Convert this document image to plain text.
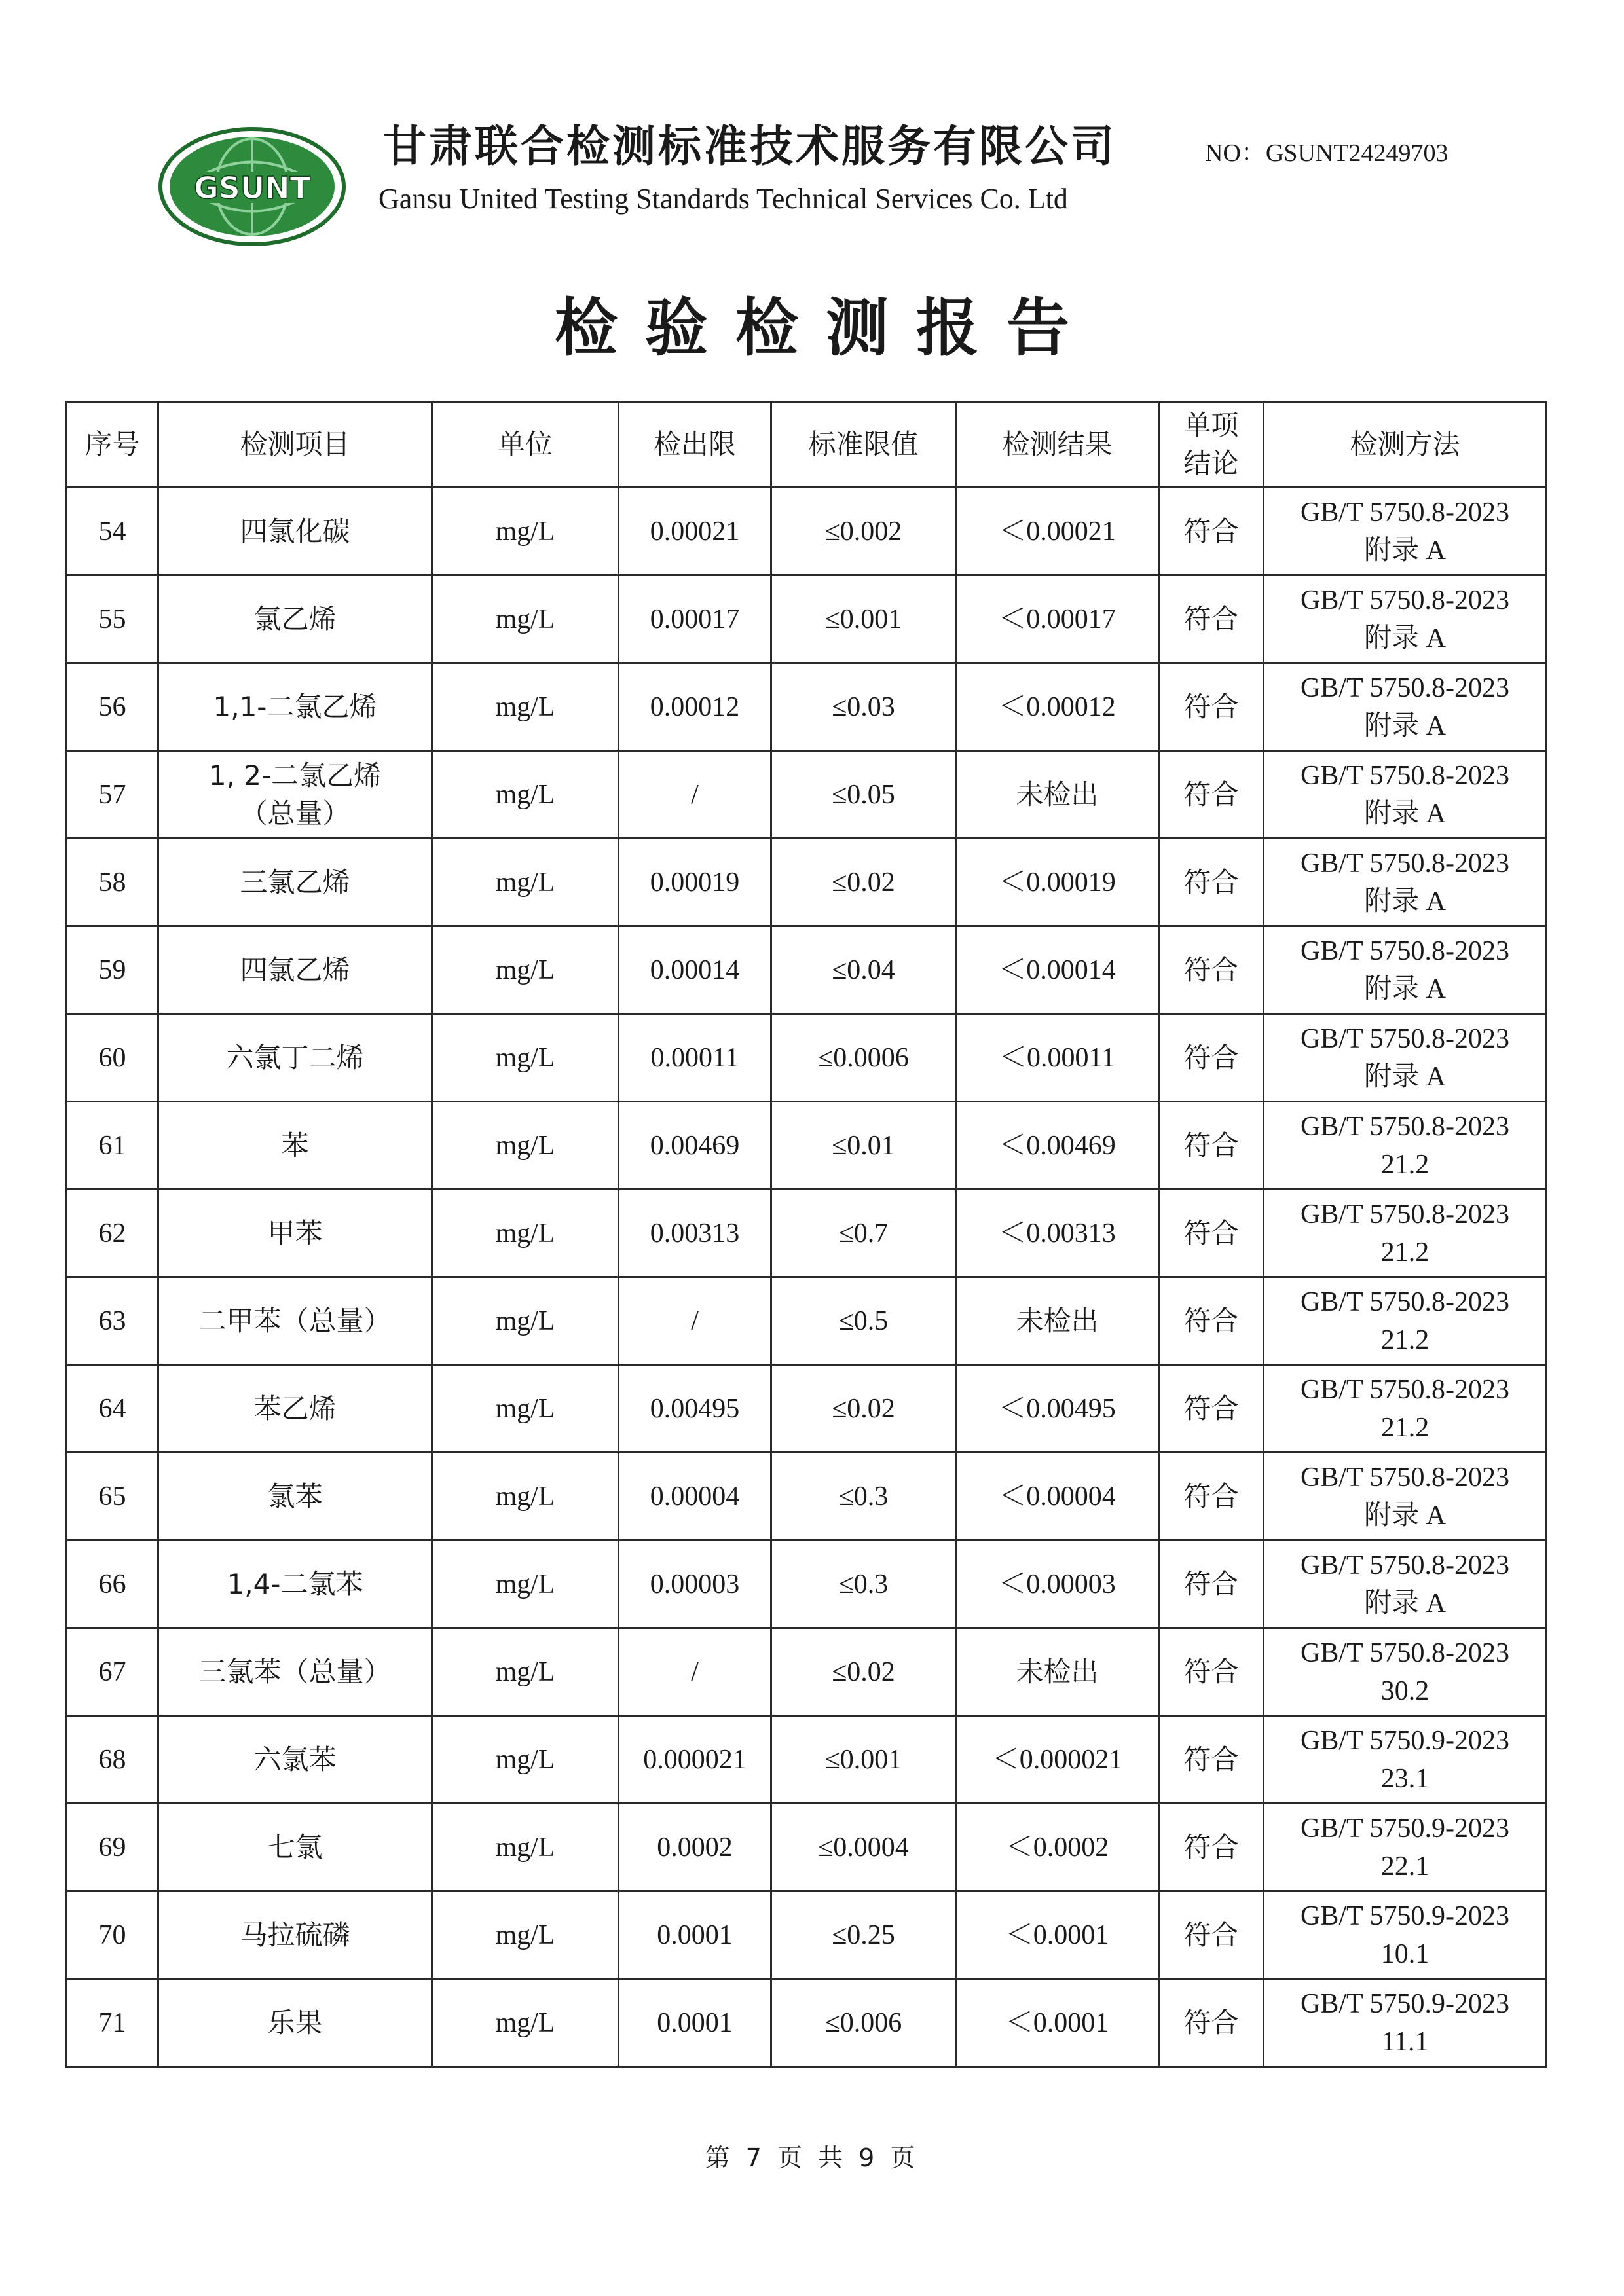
GSUNT
甘肃联合检测标准技术服务有限公司
Gansu United Testing Standards Technical Services Co. Ltd
NO：GSUNT24249703
检验检测报告
序号	检测项目	单位	检出限	标准限值	检测结果	单项
结论	检测方法
54	四氯化碳	mg/L	0.00021	≤0.002	＜0.00021	符合	GB/T 5750.8-2023
附录 A

55	氯乙烯	mg/L	0.00017	≤0.001	＜0.00017	符合	GB/T 5750.8-2023
附录 A

56	1,1-二氯乙烯	mg/L	0.00012	≤0.03	＜0.00012	符合	GB/T 5750.8-2023
附录 A

57	1, 2-二氯乙烯
（总量）	mg/L	/	≤0.05	未检出	符合	GB/T 5750.8-2023
附录 A

58	三氯乙烯	mg/L	0.00019	≤0.02	＜0.00019	符合	GB/T 5750.8-2023
附录 A

59	四氯乙烯	mg/L	0.00014	≤0.04	＜0.00014	符合	GB/T 5750.8-2023
附录 A

60	六氯丁二烯	mg/L	0.00011	≤0.0006	＜0.00011	符合	GB/T 5750.8-2023
附录 A

61	苯	mg/L	0.00469	≤0.01	＜0.00469	符合	GB/T 5750.8-2023
21.2

62	甲苯	mg/L	0.00313	≤0.7	＜0.00313	符合	GB/T 5750.8-2023
21.2

63	二甲苯（总量）	mg/L	/	≤0.5	未检出	符合	GB/T 5750.8-2023
21.2

64	苯乙烯	mg/L	0.00495	≤0.02	＜0.00495	符合	GB/T 5750.8-2023
21.2

65	氯苯	mg/L	0.00004	≤0.3	＜0.00004	符合	GB/T 5750.8-2023
附录 A

66	1,4-二氯苯	mg/L	0.00003	≤0.3	＜0.00003	符合	GB/T 5750.8-2023
附录 A

67	三氯苯（总量）	mg/L	/	≤0.02	未检出	符合	GB/T 5750.8-2023
30.2

68	六氯苯	mg/L	0.000021	≤0.001	＜0.000021	符合	GB/T 5750.9-2023
23.1

69	七氯	mg/L	0.0002	≤0.0004	＜0.0002	符合	GB/T 5750.9-2023
22.1

70	马拉硫磷	mg/L	0.0001	≤0.25	＜0.0001	符合	GB/T 5750.9-2023
10.1

71	乐果	mg/L	0.0001	≤0.006	＜0.0001	符合	GB/T 5750.9-2023
11.1
第 7 页 共 9 页
